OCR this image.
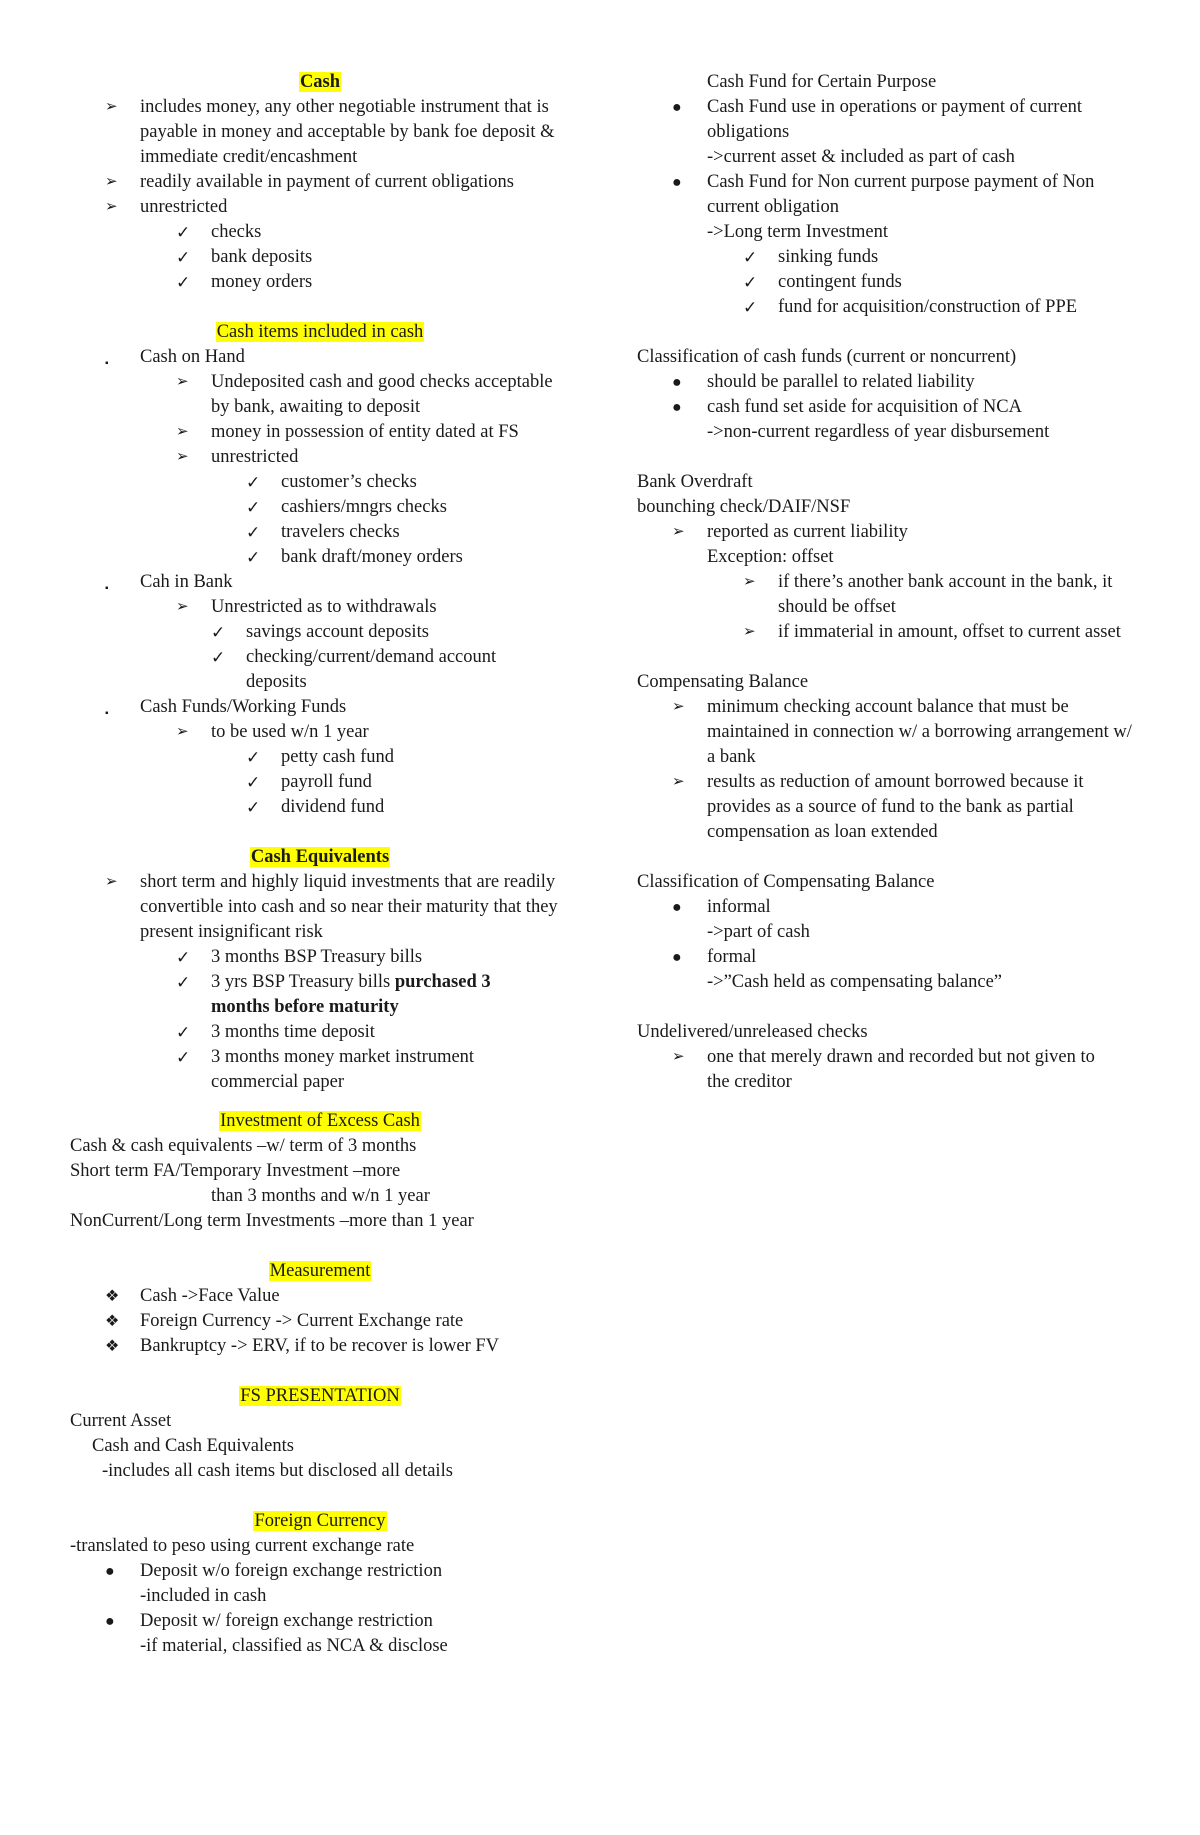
Cash
➢	includes money, any other negotiable instrument that is payable in money and acceptable by bank foe deposit & immediate credit/encashment
➢	readily available in payment of current obligations
➢	unrestricted
✓	checks
✓	bank deposits
✓	money orders
Cash items included in cash
▪	Cash on Hand
➢	Undeposited cash and good checks acceptable by bank, awaiting to deposit
➢	money in possession of entity dated at FS
➢	unrestricted
✓	customer’s checks
✓	cashiers/mngrs checks
✓	travelers checks
✓	bank draft/money orders
▪	Cah in Bank
➢	Unrestricted as to withdrawals
✓	savings account deposits
✓	checking/current/demand account deposits
▪	Cash Funds/Working Funds
➢	to be used w/n 1 year
✓	petty cash fund
✓	payroll fund
✓	dividend fund
Cash Equivalents
➢	short term and highly liquid investments that are readily convertible into cash and so near their maturity that they present insignificant risk
✓	3 months BSP Treasury bills
✓	3 yrs BSP Treasury bills purchased 3 months before maturity
✓	3 months time deposit
✓	3 months money market instrument commercial paper
Investment of Excess Cash
Cash & cash equivalents –w/ term of 3 months
Short term FA/Temporary Investment –more
than 3 months and w/n 1 year
NonCurrent/Long term Investments –more than 1 year
Measurement
❖	Cash ->Face Value
❖	Foreign Currency -> Current Exchange rate
❖	Bankruptcy -> ERV, if to be recover is lower FV
FS PRESENTATION
Current Asset
Cash and Cash Equivalents
-includes all cash items but disclosed all details
Foreign Currency
-translated to peso using current exchange rate
●	Deposit w/o foreign exchange restriction
-included in cash
●	Deposit w/ foreign exchange restriction
-if material, classified as NCA & disclose
Cash Fund for Certain Purpose
●	Cash Fund use in operations or payment of current obligations
->current asset & included as part of cash
●	Cash Fund for Non current purpose payment of Non current obligation
->Long term Investment
✓	sinking funds
✓	contingent funds
✓	fund for acquisition/construction of PPE
Classification of cash funds (current or noncurrent)
●	should be parallel to related liability
●	cash fund set aside for acquisition of NCA
->non-current regardless of year disbursement
Bank Overdraft
bounching check/DAIF/NSF
➢	reported as current liability
Exception: offset
➢	if there’s another bank account in the bank, it should be offset
➢	if immaterial in amount, offset to current asset
Compensating Balance
➢	minimum checking account balance that must be maintained in connection w/ a borrowing arrangement w/ a bank
➢	results as reduction of amount borrowed because it provides as a source of fund to the bank as partial compensation as loan extended
Classification of Compensating Balance
●	informal
->part of cash
●	formal
->”Cash held as compensating balance”
Undelivered/unreleased checks
➢	one that merely drawn and recorded but not given to the creditor
